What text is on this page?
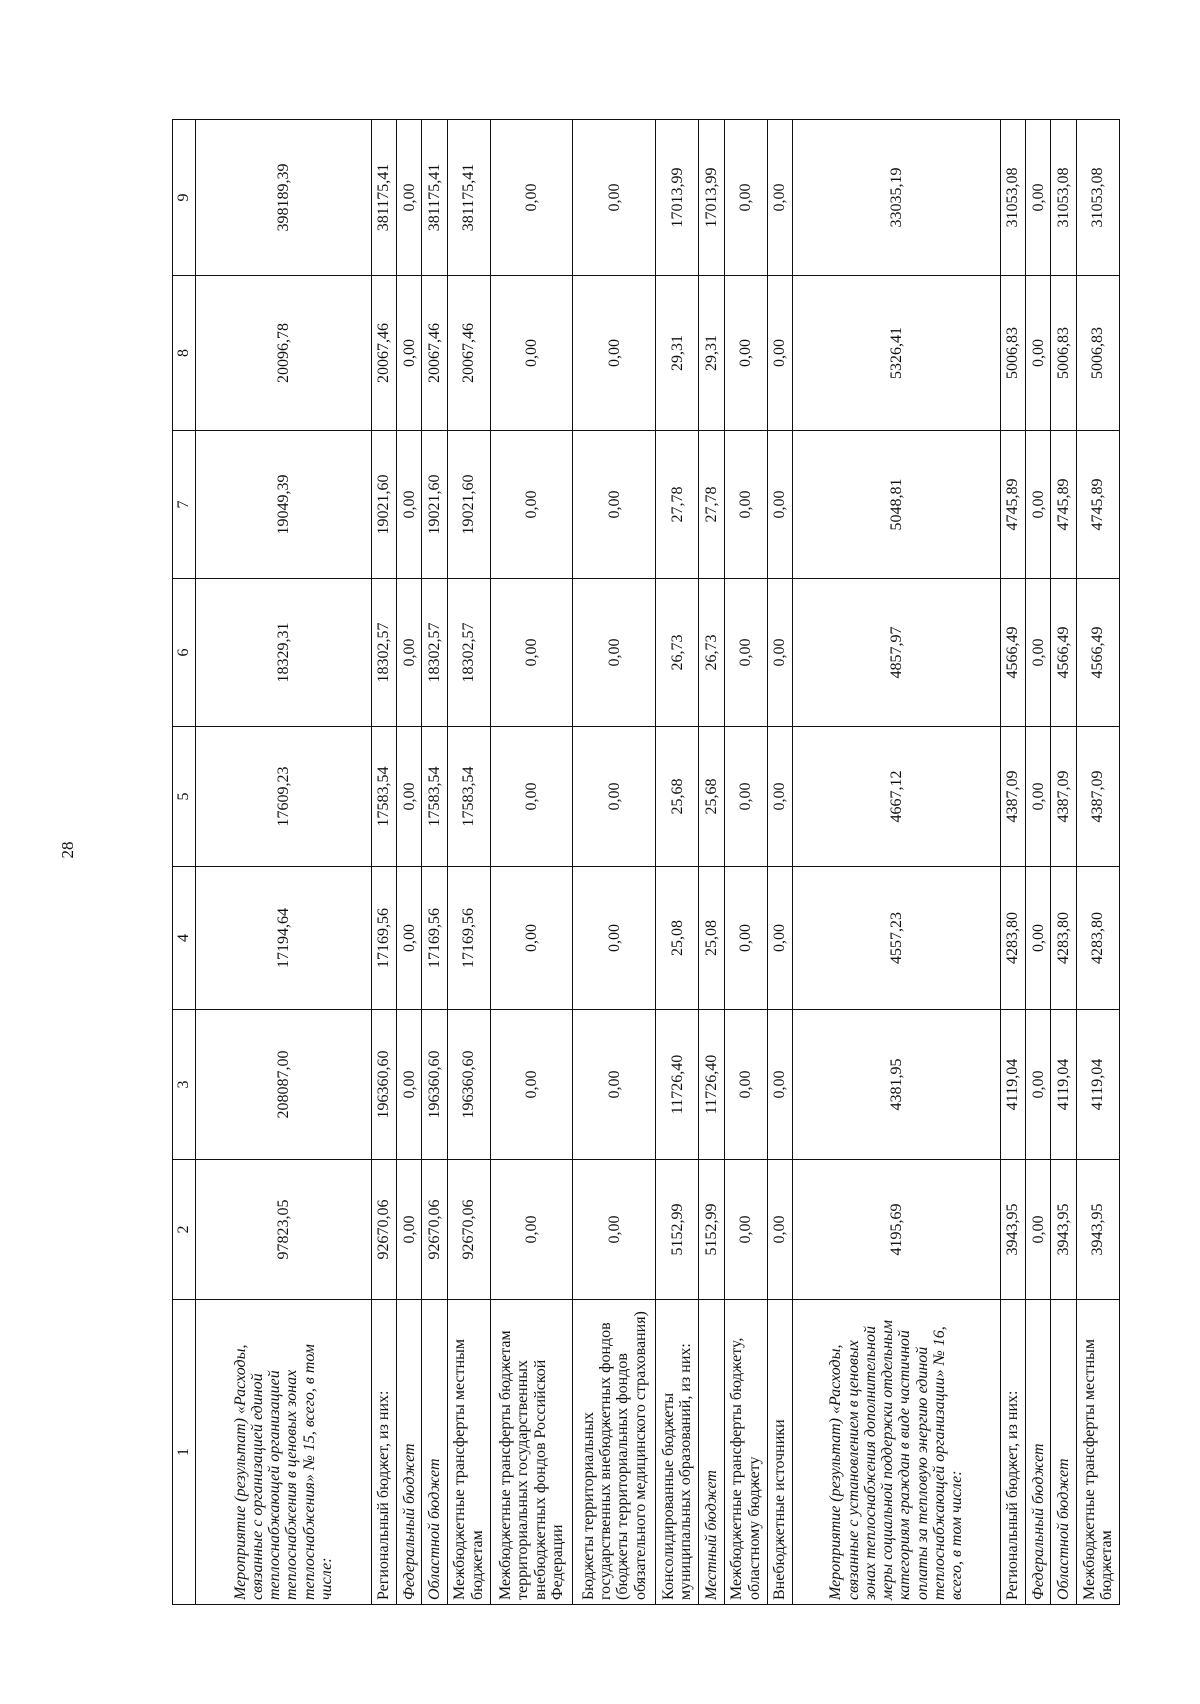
28
1	2	3	4	5	6	7	8	9
Мероприятие (результат) «Расходы, связанные с организацией единой теплоснабжающей организацией теплоснабжения в ценовых зонах теплоснабжения» № 15, всего, в том числе:	97823,05	208087,00	17194,64	17609,23	18329,31	19049,39	20096,78	398189,39
Региональный бюджет, из них:	92670,06	196360,60	17169,56	17583,54	18302,57	19021,60	20067,46	381175,41
Федеральный бюджет	0,00	0,00	0,00	0,00	0,00	0,00	0,00	0,00
Областной бюджет	92670,06	196360,60	17169,56	17583,54	18302,57	19021,60	20067,46	381175,41
Межбюджетные трансферты местным бюджетам	92670,06	196360,60	17169,56	17583,54	18302,57	19021,60	20067,46	381175,41
Межбюджетные трансферты бюджетам территориальных государственных внебюджетных фондов Российской Федерации	0,00	0,00	0,00	0,00	0,00	0,00	0,00	0,00
Бюджеты территориальных государственных внебюджетных фондов (бюджеты территориальных фондов обязательного медицинского страхования)	0,00	0,00	0,00	0,00	0,00	0,00	0,00	0,00
Консолидированные бюджеты муниципальных образований, из них:	5152,99	11726,40	25,08	25,68	26,73	27,78	29,31	17013,99
Местный бюджет	5152,99	11726,40	25,08	25,68	26,73	27,78	29,31	17013,99
Межбюджетные трансферты бюджету, областному бюджету	0,00	0,00	0,00	0,00	0,00	0,00	0,00	0,00
Внебюджетные источники	0,00	0,00	0,00	0,00	0,00	0,00	0,00	0,00
Мероприятие (результат) «Расходы, связанные с установлением в ценовых зонах теплоснабжения дополнительной меры социальной поддержки отдельным категориям граждан в виде частичной оплаты за тепловую энергию единой теплоснабжающей организации» № 16, всего, в том числе:	4195,69	4381,95	4557,23	4667,12	4857,97	5048,81	5326,41	33035,19
Региональный бюджет, из них:	3943,95	4119,04	4283,80	4387,09	4566,49	4745,89	5006,83	31053,08
Федеральный бюджет	0,00	0,00	0,00	0,00	0,00	0,00	0,00	0,00
Областной бюджет	3943,95	4119,04	4283,80	4387,09	4566,49	4745,89	5006,83	31053,08
Межбюджетные трансферты местным бюджетам	3943,95	4119,04	4283,80	4387,09	4566,49	4745,89	5006,83	31053,08
